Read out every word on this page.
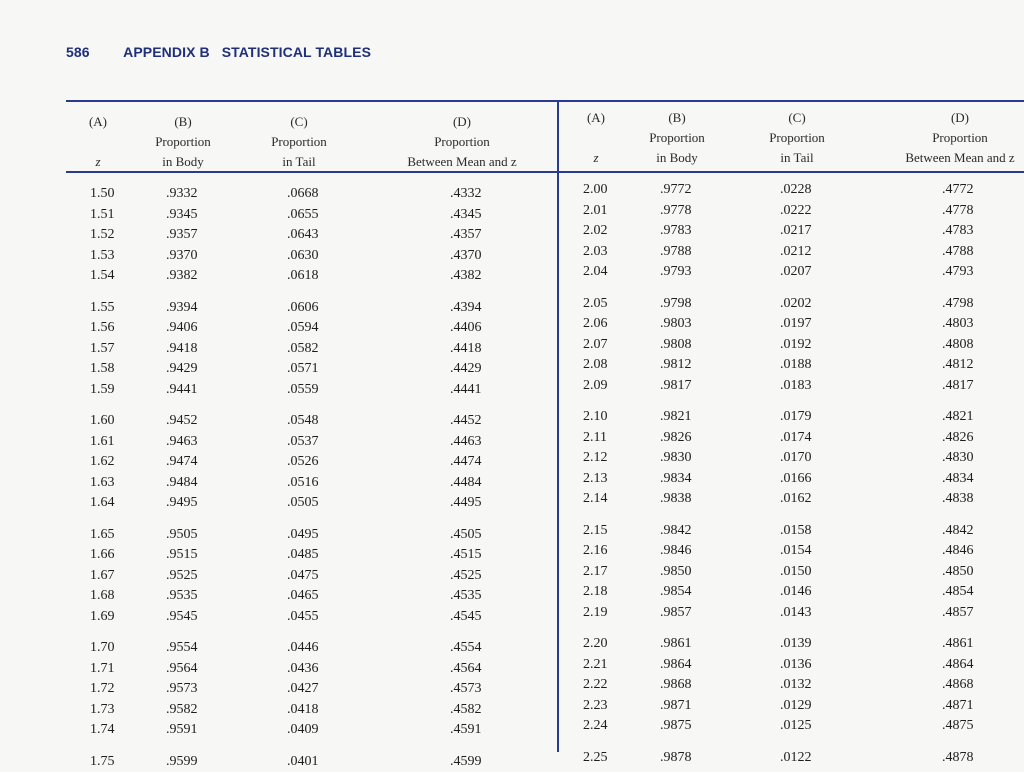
586 APPENDIX B   STATISTICAL TABLES
(A)

z
(B)
Proportion
in Body
(C)
Proportion
in Tail
(D)
Proportion
Between Mean and z
(A)

z
(B)
Proportion
in Body
(C)
Proportion
in Tail
(D)
Proportion
Between Mean and z
1.50
1.51
1.52
1.53
1.54
1.55
1.56
1.57
1.58
1.59
1.60
1.61
1.62
1.63
1.64
1.65
1.66
1.67
1.68
1.69
1.70
1.71
1.72
1.73
1.74
1.75
.9332
.9345
.9357
.9370
.9382
.9394
.9406
.9418
.9429
.9441
.9452
.9463
.9474
.9484
.9495
.9505
.9515
.9525
.9535
.9545
.9554
.9564
.9573
.9582
.9591
.9599
.0668
.0655
.0643
.0630
.0618
.0606
.0594
.0582
.0571
.0559
.0548
.0537
.0526
.0516
.0505
.0495
.0485
.0475
.0465
.0455
.0446
.0436
.0427
.0418
.0409
.0401
.4332
.4345
.4357
.4370
.4382
.4394
.4406
.4418
.4429
.4441
.4452
.4463
.4474
.4484
.4495
.4505
.4515
.4525
.4535
.4545
.4554
.4564
.4573
.4582
.4591
.4599
2.00
2.01
2.02
2.03
2.04
2.05
2.06
2.07
2.08
2.09
2.10
2.11
2.12
2.13
2.14
2.15
2.16
2.17
2.18
2.19
2.20
2.21
2.22
2.23
2.24
2.25
.9772
.9778
.9783
.9788
.9793
.9798
.9803
.9808
.9812
.9817
.9821
.9826
.9830
.9834
.9838
.9842
.9846
.9850
.9854
.9857
.9861
.9864
.9868
.9871
.9875
.9878
.0228
.0222
.0217
.0212
.0207
.0202
.0197
.0192
.0188
.0183
.0179
.0174
.0170
.0166
.0162
.0158
.0154
.0150
.0146
.0143
.0139
.0136
.0132
.0129
.0125
.0122
.4772
.4778
.4783
.4788
.4793
.4798
.4803
.4808
.4812
.4817
.4821
.4826
.4830
.4834
.4838
.4842
.4846
.4850
.4854
.4857
.4861
.4864
.4868
.4871
.4875
.4878
